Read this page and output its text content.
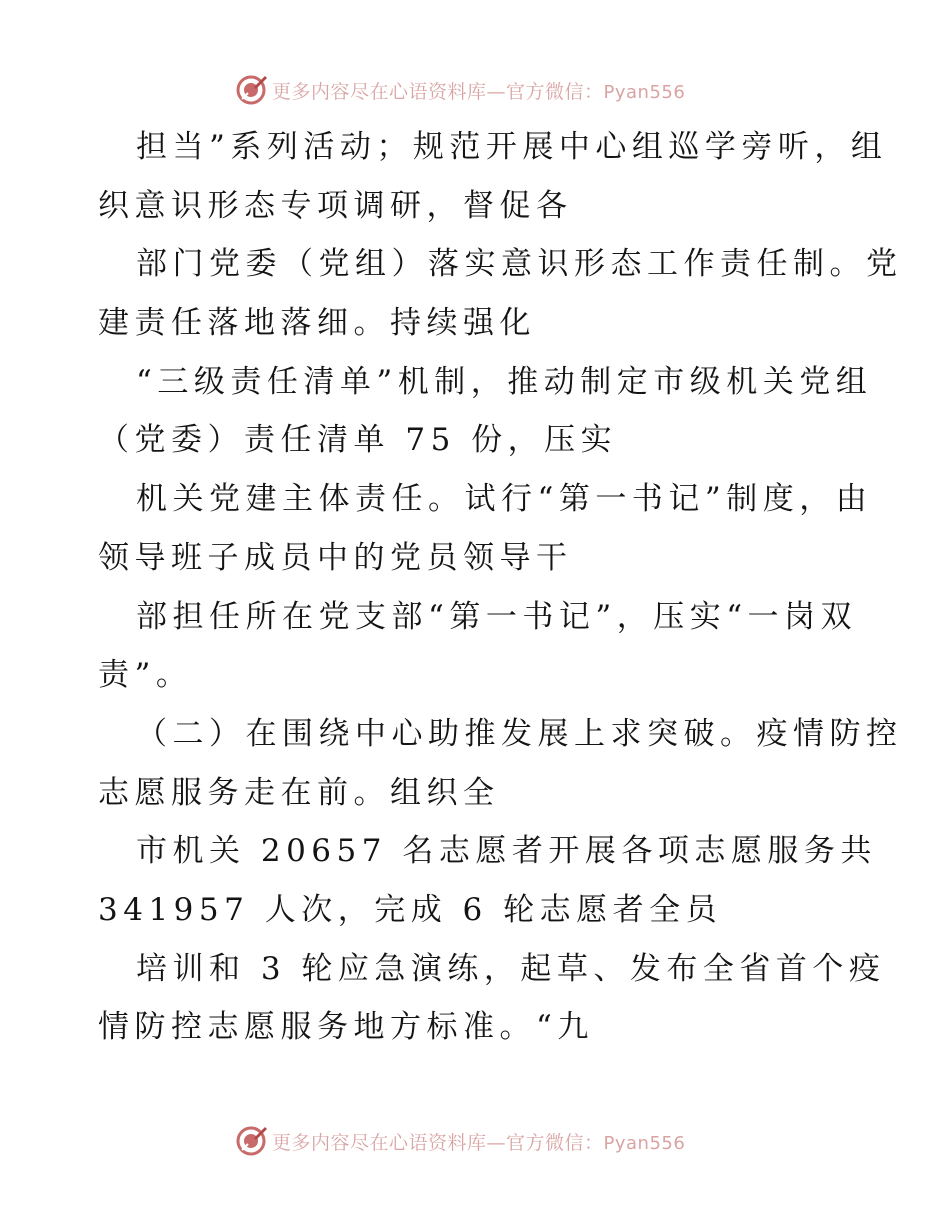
更多内容尽在心语资料库—官方微信：Pyan556
担当”系列活动；规范开展中心组巡学旁听，组
织意识形态专项调研，督促各
部门党委（党组）落实意识形态工作责任制。党
建责任落地落细。持续强化
“三级责任清单”机制，推动制定市级机关党组
（党委）责任清单 75 份，压实
机关党建主体责任。试行“第一书记”制度，由
领导班子成员中的党员领导干
部担任所在党支部“第一书记”，压实“一岗双
责”。
（二）在围绕中心助推发展上求突破。疫情防控
志愿服务走在前。组织全
市机关 20657 名志愿者开展各项志愿服务共
341957 人次，完成 6 轮志愿者全员
培训和 3 轮应急演练，起草、发布全省首个疫
情防控志愿服务地方标准。“九
更多内容尽在心语资料库—官方微信：Pyan556
